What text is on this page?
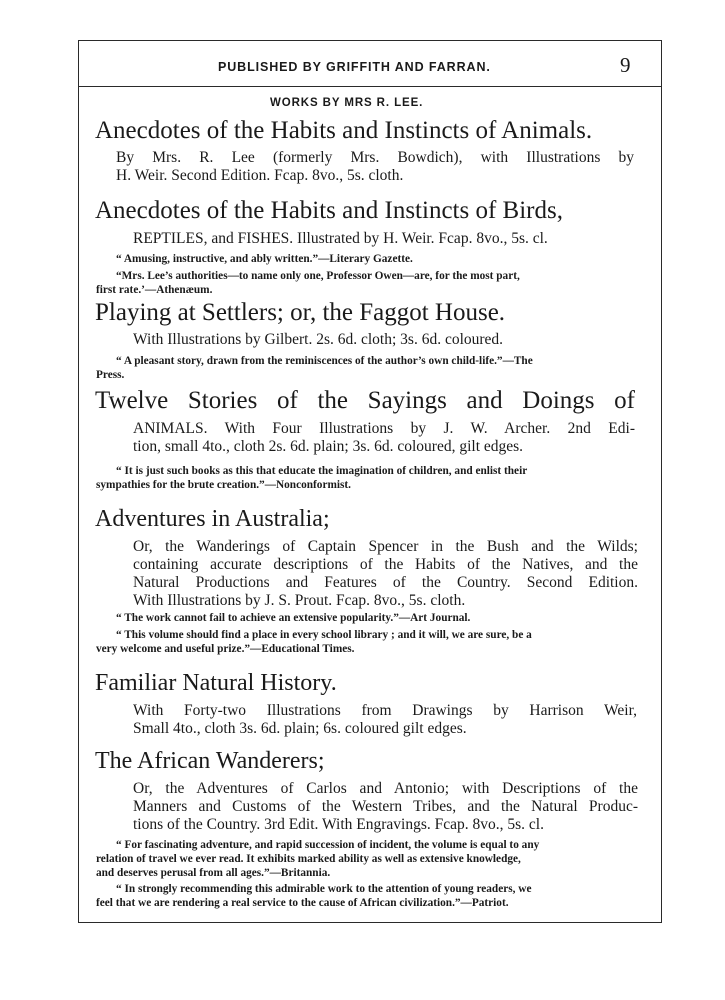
PUBLISHED BY GRIFFITH AND FARRAN.	9
WORKS BY MRS R. LEE.
Anecdotes of the Habits and Instincts of Animals.
By Mrs. R. Lee (formerly Mrs. Bowdich), with Illustrations by
H. Weir. Second Edition. Fcap. 8vo., 5s. cloth.
Anecdotes of the Habits and Instincts of Birds,
REPTILES, and FISHES. Illustrated by H. Weir. Fcap. 8vo., 5s. cl.
“ Amusing, instructive, and ably written.”—Literary Gazette.
“Mrs. Lee’s authorities—to name only one, Professor Owen—are, for the most part,
first rate.’—Athenæum.
Playing at Settlers; or, the Faggot House.
With Illustrations by Gilbert. 2s. 6d. cloth; 3s. 6d. coloured.
“ A pleasant story, drawn from the reminiscences of the author’s own child-life.”—The
Press.
Twelve Stories of the Sayings and Doings of
ANIMALS. With Four Illustrations by J. W. Archer. 2nd Edi-
tion, small 4to., cloth 2s. 6d. plain; 3s. 6d. coloured, gilt edges.
“ It is just such books as this that educate the imagination of children, and enlist their
sympathies for the brute creation.”—Nonconformist.
Adventures in Australia;
Or, the Wanderings of Captain Spencer in the Bush and the Wilds;
containing accurate descriptions of the Habits of the Natives, and the
Natural Productions and Features of the Country. Second Edition.
With Illustrations by J. S. Prout. Fcap. 8vo., 5s. cloth.
“ The work cannot fail to achieve an extensive popularity.”—Art Journal.
“ This volume should find a place in every school library ; and it will, we are sure, be a
very welcome and useful prize.”—Educational Times.
Familiar Natural History.
With Forty-two Illustrations from Drawings by Harrison Weir,
Small 4to., cloth 3s. 6d. plain; 6s. coloured gilt edges.
The African Wanderers;
Or, the Adventures of Carlos and Antonio; with Descriptions of the
Manners and Customs of the Western Tribes, and the Natural Produc-
tions of the Country. 3rd Edit. With Engravings. Fcap. 8vo., 5s. cl.
“ For fascinating adventure, and rapid succession of incident, the volume is equal to any
relation of travel we ever read. It exhibits marked ability as well as extensive knowledge,
and deserves perusal from all ages.”—Britannia.
“ In strongly recommending this admirable work to the attention of young readers, we
feel that we are rendering a real service to the cause of African civilization.”—Patriot.
